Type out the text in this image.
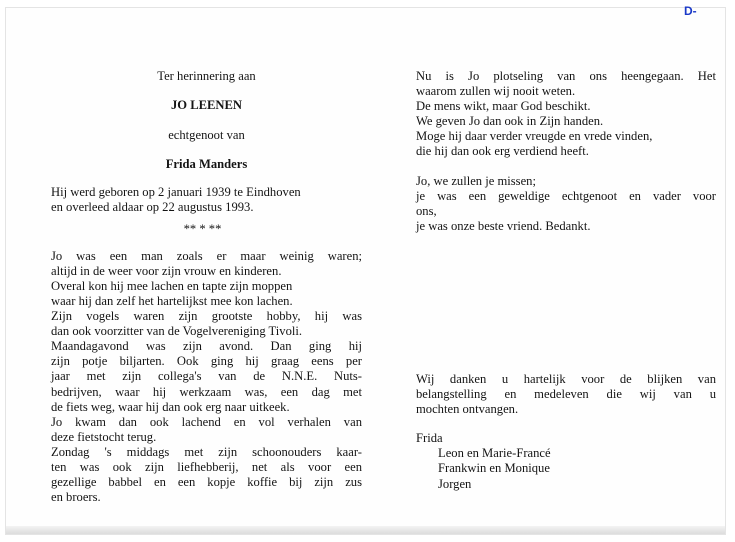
D-
Ter herinnering aan
JO LEENEN
echtgenoot van
Frida Manders
Hij werd geboren op 2 januari 1939 te Eindhoven
en overleed aldaar op 22 augustus 1993.
** * **
Jo was een man zoals er maar weinig waren;
altijd in de weer voor zijn vrouw en kinderen.
Overal kon hij mee lachen en tapte zijn moppen
waar hij dan zelf het hartelijkst mee kon lachen.
Zijn vogels waren zijn grootste hobby, hij was
dan ook voorzitter van de Vogelvereniging Tivoli.
Maandagavond was zijn avond. Dan ging hij
zijn potje biljarten. Ook ging hij graag eens per
jaar met zijn collega's van de N.N.E. Nuts-
bedrijven, waar hij werkzaam was, een dag met
de fiets weg, waar hij dan ook erg naar uitkeek.
Jo kwam dan ook lachend en vol verhalen van
deze fietstocht terug.
Zondag 's middags met zijn schoonouders kaar-
ten was ook zijn liefhebberij, net als voor een
gezellige babbel en een kopje koffie bij zijn zus
en broers.
Nu is Jo plotseling van ons heengegaan. Het
waarom zullen wij nooit weten.
De mens wikt, maar God beschikt.
We geven Jo dan ook in Zijn handen.
Moge hij daar verder vreugde en vrede vinden,
die hij dan ook erg verdiend heeft.
Jo, we zullen je missen;
je was een geweldige echtgenoot en vader voor
ons,
je was onze beste vriend. Bedankt.
Wij danken u hartelijk voor de blijken van
belangstelling en medeleven die wij van u
mochten ontvangen.
Frida
Leon en Marie-Francé
Frankwin en Monique
Jorgen
